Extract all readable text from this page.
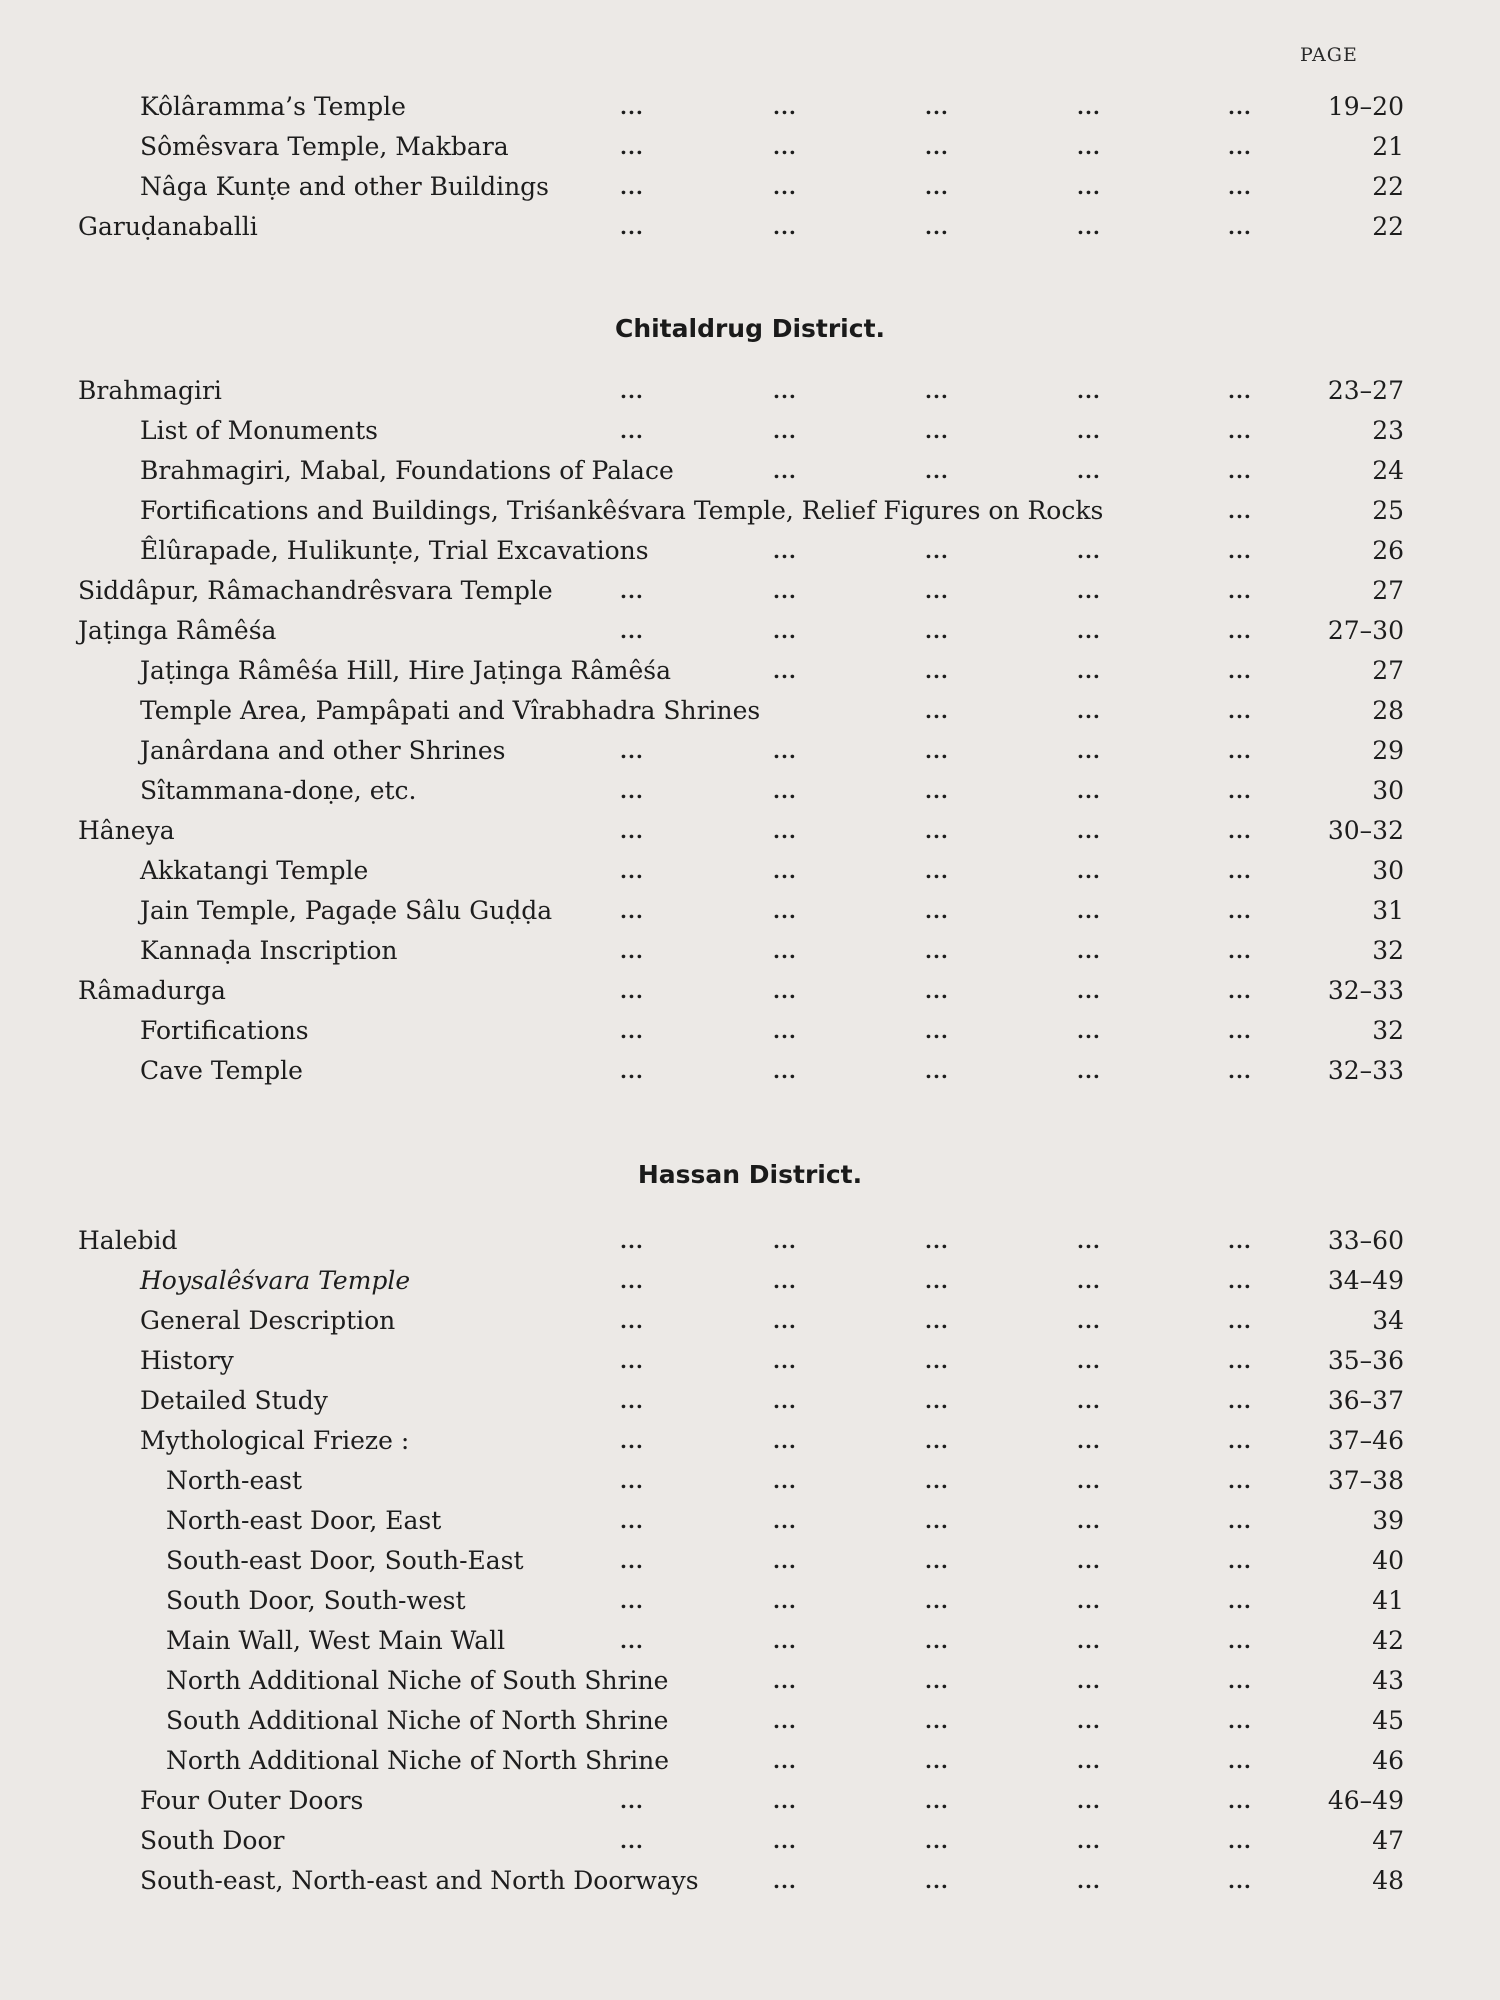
PAGE
Chitaldrug District.
Hassan District.
Kôlâramma’s Temple	...	...	...	...	...	19–20
Sômêsvara Temple, Makbara	...	...	...	...	...	21
Nâga Kunṭe and other Buildings	...	...	...	...	...	22
Garuḍanaballi	...	...	...	...	...	22
Brahmagiri	...	...	...	...	...	23–27
List of Monuments	...	...	...	...	...	23
Brahmagiri, Mabal, Foundations of Palace	...	...	...	...	24
Fortifications and Buildings, Triśankêśvara Temple, Relief Figures on Rocks	...	25
Êlûrapade, Hulikunṭe, Trial Excavations	...	...	...	...	26
Siddâpur, Râmachandrêsvara Temple	...	...	...	...	...	27
Jaṭinga Râmêśa	...	...	...	...	...	27–30
Jaṭinga Râmêśa Hill, Hire Jaṭinga Râmêśa	...	...	...	...	27
Temple Area, Pampâpati and Vîrabhadra Shrines	...	...	...	28
Janârdana and other Shrines	...	...	...	...	...	29
Sîtammana-doṇe, etc.	...	...	...	...	...	30
Hâneya	...	...	...	...	...	30–32
Akkatangi Temple	...	...	...	...	...	30
Jain Temple, Pagaḍe Sâlu Guḍḍa	...	...	...	...	...	31
Kannaḍa Inscription	...	...	...	...	...	32
Râmadurga	...	...	...	...	...	32–33
Fortifications	...	...	...	...	...	32
Cave Temple	...	...	...	...	...	32–33
Halebid	...	...	...	...	...	33–60
Hoysalêśvara Temple	...	...	...	...	...	34–49
General Description	...	...	...	...	...	34
History	...	...	...	...	...	35–36
Detailed Study	...	...	...	...	...	36–37
Mythological Frieze :	...	...	...	...	...	37–46
North-east	...	...	...	...	...	37–38
North-east Door, East	...	...	...	...	...	39
South-east Door, South-East	...	...	...	...	...	40
South Door, South-west	...	...	...	...	...	41
Main Wall, West Main Wall	...	...	...	...	...	42
North Additional Niche of South Shrine	...	...	...	...	43
South Additional Niche of North Shrine	...	...	...	...	45
North Additional Niche of North Shrine	...	...	...	...	46
Four Outer Doors	...	...	...	...	...	46–49
South Door	...	...	...	...	...	47
South-east, North-east and North Doorways	...	...	...	...	48
